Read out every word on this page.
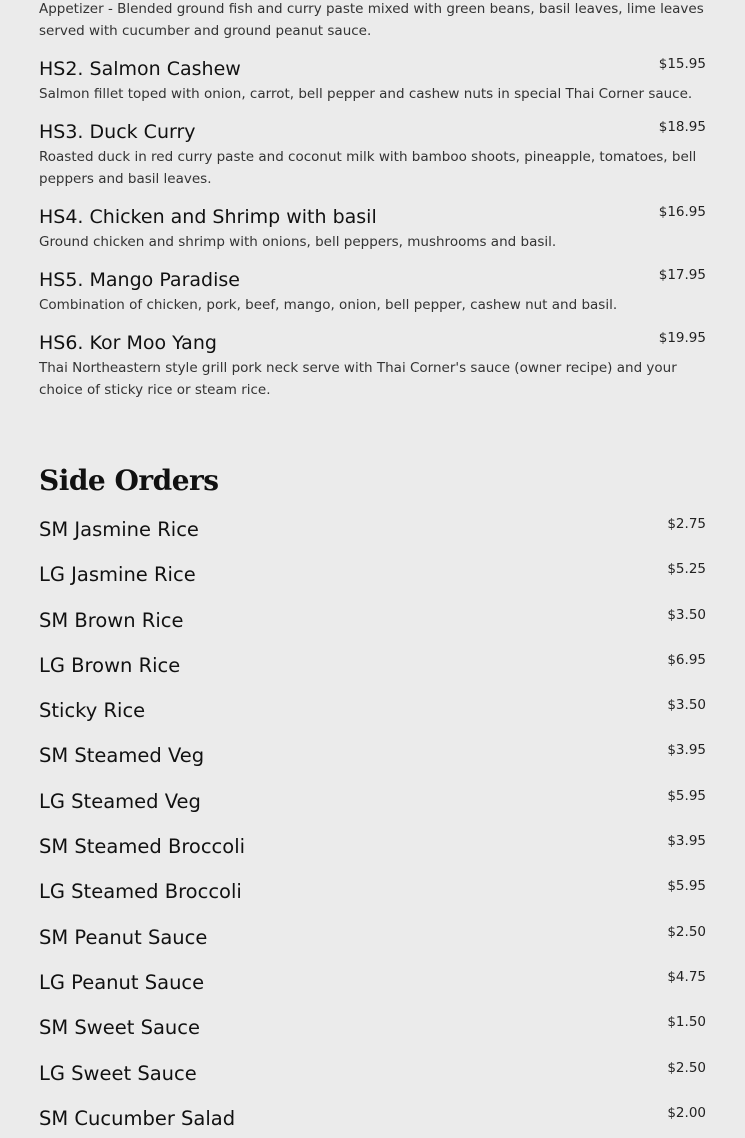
Appetizer - Blended ground fish and curry paste mixed with green beans, basil leaves, lime leaves served with cucumber and ground peanut sauce.

HS2. Salmon Cashew	$15.95

Salmon fillet toped with onion, carrot, bell pepper and cashew nuts in special Thai Corner sauce.

HS3. Duck Curry	$18.95

Roasted duck in red curry paste and coconut milk with bamboo shoots, pineapple, tomatoes, bell peppers and basil leaves.

HS4. Chicken and Shrimp with basil	$16.95

Ground chicken and shrimp with onions, bell peppers, mushrooms and basil.

HS5. Mango Paradise	$17.95

Combination of chicken, pork, beef, mango, onion, bell pepper, cashew nut and basil.

HS6. Kor Moo Yang	$19.95

Thai Northeastern style grill pork neck serve with Thai Corner's sauce (owner recipe) and your choice of sticky rice or steam rice.

Side Orders
SM Jasmine Rice	$2.75
LG Jasmine Rice	$5.25
SM Brown Rice	$3.50
LG Brown Rice	$6.95
Sticky Rice	$3.50
SM Steamed Veg	$3.95
LG Steamed Veg	$5.95
SM Steamed Broccoli	$3.95
LG Steamed Broccoli	$5.95
SM Peanut Sauce	$2.50
LG Peanut Sauce	$4.75
SM Sweet Sauce	$1.50
LG Sweet Sauce	$2.50
SM Cucumber Salad	$2.00
